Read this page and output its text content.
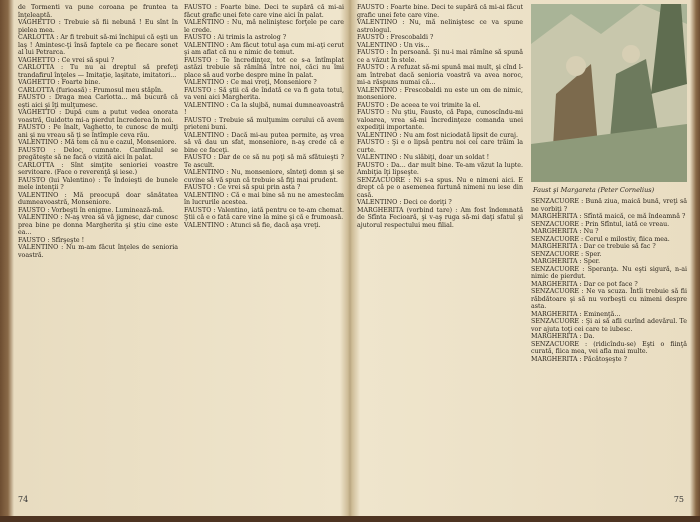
de Tormenti va pune coroana pe fruntea ta înţeleaptă.

VAGHETTO : Trebuie să fii nebună ! Eu sînt în pielea mea.

CARLOTTA : Ar fi trebuit să-mi închipui că eşti un laş ! Amintesc-ţi însă faptele ca pe fiecare sonet al lui Petrarca.

VAGHETTO : Ce vrei să spui ?

CARLOTTA : Tu nu ai dreptul să prefeţi trandafirul înţeles — Imitaţie, laşitate, imitatori...

VAGHETTO : Foarte bine.

CARLOTTA (furioasă) : Frumosul meu stăpîn.

FAUSTO : Draga mea Carlotta... mă bucură că eşti aici şi îţi mulţumesc.

VAGHETTO : După cum a putut vedea onorata voastră, Guidotto mi-a pierdut încrederea în noi.

FAUSTO : Pe înalt, Vaghetto, te cunosc de mulţi ani şi nu vreau să ţi se întîmple ceva rău.

VALENTINO : Mă tem că nu e cazul, Monseniore.

FAUSTO : Deloc, cumnate. Cardinalul se pregăteşte să ne facă o vizită aici în palat.

CARLOTTA : Sînt simţite senioriei voastre servitoare. (Face o reverenţă şi iese.)

FAUSTO (lui Valentino) : Te îndoieşti de bunele mele intenţii ?

VALENTINO : Mă preocupă doar sănătatea dumneavoastră, Monseniore.

FAUSTO : Vorbeşti în enigme. Luminează-mă.

VALENTINO : N-aş vrea să vă jignesc, dar cunosc prea bine pe donna Margherita şi ştiu cine este ea...

FAUSTO : Sfîrşeşte !

VALENTINO : Nu m-am făcut înţeles de senioria voastră.

FAUSTO : Foarte bine. Deci te supără că mi-ai făcut grafic unei fete care vine aici în palat.

VALENTINO : Nu, mă neliniştesc forţele pe care le crede.

FAUSTO : Ai trimis la astrolog ?

VALENTINO : Am făcut totul aşa cum mi-aţi cerut şi am aflat că nu e nimic de temut.

FAUSTO : Te încredinţez, tot ce s-a întîmplat astăzi trebuie să rămînă între noi, căci nu îmi place să aud vorbe despre mine în palat.

VALENTINO : Ce mai vreţi, Monseniore ?

FAUSTO : Să ştii că de îndată ce va fi gata totul, va veni aici Margherita.

VALENTINO : Ca la slujbă, numai dumneavoastră !

FAUSTO : Trebuie să mulţumim cerului că avem prieteni buni.

VALENTINO : Dacă mi-au putea permite, aş vrea să vă dau un sfat, monseniore, n-aş crede că e bine ce faceţi.

FAUSTO : Dar de ce să nu poţi să mă sfătuieşti ? Te ascult.

VALENTINO : Nu, monseniore, sînteţi domn şi se cuvine să vă spun că trebuie să fiţi mai prudent.

FAUSTO : Ce vrei să spui prin asta ?

VALENTINO : Că e mai bine să nu ne amestecăm în lucrurile acestea.

FAUSTO : Valentino, iată pentru ce te-am chemat. Ştii că e o fată care vine la mine şi că e frumoasă.

VALENTINO : Atunci să fie, dacă aşa vreţi.

74

FAUSTO : Foarte bine. Deci te supără că mi-ai făcut grafic unei fete care vine.

VALENTINO : Nu, mă neliniştesc ce va spune astrologul.

FAUSTO : Frescobaldi ?

VALENTINO : Un vis...

FAUSTO : În persoană. Şi nu-i mai rămîne să spună ce a văzut în stele.

FAUSTO : A refuzat să-mi spună mai mult, şi cînd l-am întrebat dacă senioria voastră va avea noroc, mi-a răspuns numai că...

VALENTINO : Frescobaldi nu este un om de nimic, monseniore.

FAUSTO : De aceea te voi trimite la el.

FAUSTO : Nu ştiu, Fausto, că Papa, cunoscîndu-mi valoarea, vrea să-mi încredinţeze comanda unei expediţii importante.

VALENTINO : Nu am fost niciodată lipsit de curaj.

FAUSTO : Şi e o lipsă pentru noi cei care trăim la curte.

VALENTINO : Nu slăbiţi, doar un soldat !

FAUSTO : Da... dar mult bine. Te-am văzut la lupte. Ambiţia îţi lipseşte.

SENZACUORE : Ni s-a spus. Nu e nimeni aici. E drept că pe o asemenea furtună nimeni nu iese din casă.

VALENTINO : Deci ce doriţi ?

MARGHERITA (vorbind tare) : Am fost îndemnată de Sfînta Fecioară, şi v-aş ruga să-mi daţi sfatul şi ajutorul respectului meu filial.

Faust şi Margareta (Peter Cornelius)

SENZACUORE : Bună ziua, maică bună, vreţi să ne vorbiţi ?

MARGHERITA : Sfîntă maică, ce mă îndeamnă ?

SENZACUORE : Prin Sfîntul, iată ce vreau.

MARGHERITA : Nu ?

SENZACUORE : Cerul e milostiv, fiica mea.

MARGHERITA : Dar ce trebuie să fac ?

SENZACUORE : Sper.

MARGHERITA : Sper.

SENZACUORE : Speranţa. Nu eşti sigură, n-ai nimic de pierdut.

MARGHERITA : Dar ce pot face ?

SENZACUORE : Ne va scuza. Întîi trebuie să fii răbdătoare şi să nu vorbeşti cu nimeni despre asta.

MARGHERITA : Eminenţă...

SENZACUORE : Şi ai să afli curînd adevărul. Te vor ajuta toţi cei care te iubesc.

MARGHERITA : Da.

SENZACUORE : (ridicîndu-se) Eşti o fiinţă curată, fiica mea, vei afla mai multe.

MARGHERITA : Păcătoşeşte ?

75
